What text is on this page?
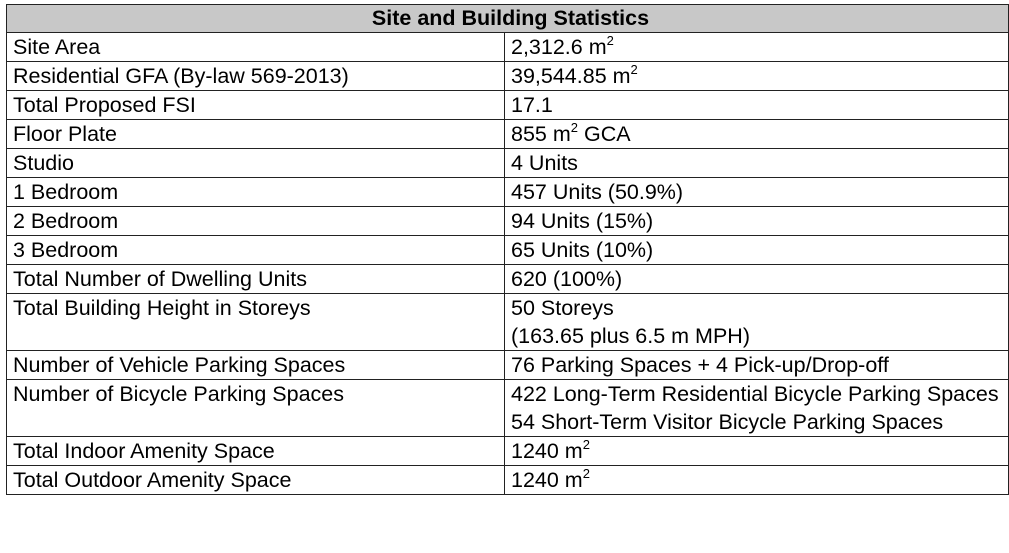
Site and Building Statistics	
Site Area	2,312.6 $m^2$
Residential GFA (By-law 569-2013)	39,544.85 $m^2$
Total Proposed FSI	17.1
Floor Plate	855 $m^2$ GCA
Studio	4 Units
1 Bedroom	457 Units (50.9%)
2 Bedroom	94 Units (15%)
3 Bedroom	65 Units (10%)
Total Number of Dwelling Units	620 (100%)
Total Building Height in Storeys	50 Storeys
(163.65 plus 6.5 m MPH)

Number of Vehicle Parking Spaces	76 Parking Spaces + 4 Pick-up/Drop-off
Number of Bicycle Parking Spaces	422 Long-Term Residential Bicycle Parking Spaces
54 Short-Term Visitor Bicycle Parking Spaces

Total Indoor Amenity Space	1240 $m^2$
Total Outdoor Amenity Space	1240 $m^2$
